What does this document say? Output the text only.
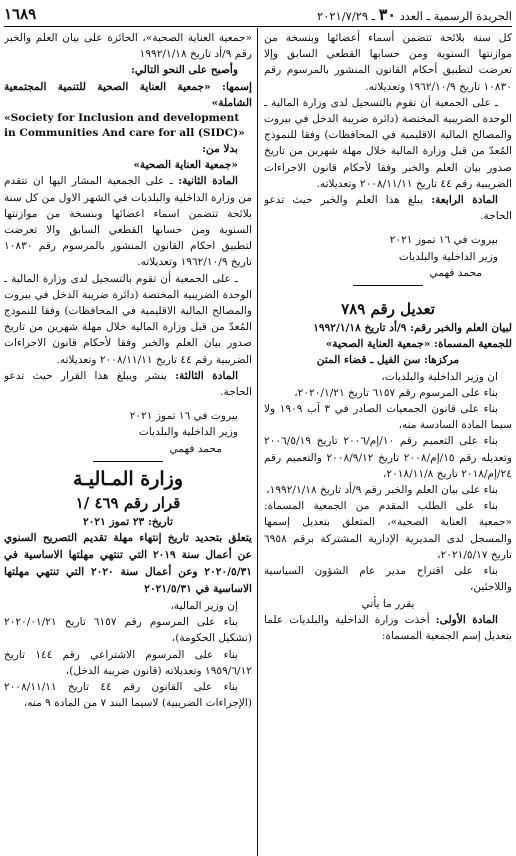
الجريدة الرسمية ـ العدد ٣٠ ـ ٢٠٢١/٧/٢٩
١٦٨٩

كل سنة بلائحة تتضمن أسماء أعضائها وبنسخة من موازنتها السنوية ومن حسابها القطعي السابق وإلا تعرضت لتطبيق أحكام القانون المنشور بالمرسوم رقم ١٠٨٣٠ تاريخ ١٩٦٢/١٠/٩ وتعديلاته.

ـ على الجمعية أن تقوم بالتسجيل لدى وزارة المالية ـ الوحدة الضريبية المختصة (دائرة ضريبة الدخل في بيروت والمصالح المالية الاقليمية في المحافظات) وفقا للنموذج المُعدّ من قبل وزارة المالية خلال مهلة شهرين من تاريخ صدور بيان العلم والخبر وفقا لأحكام قانون الاجراءات الضريبية رقم ٤٤ تاريخ ٢٠٠٨/١١/١١ وتعديلاته.

المادة الرابعة: يبلغ هذا العلم والخبر حيث تدعو الحاجة.

بيروت في ١٦ تموز ٢٠٢١

وزير الداخلية والبلديات

محمد فهمي

تعديل رقم ٧٨٩

لبيان العلم والخبر رقم: ٩/أد تاريخ ١٩٩٢/١/١٨

للجمعية المسماة: «جمعية العناية الصحية»

مركزها: سن الفيل ـ قضاء المتن

ان وزير الداخلية والبلديات،

بناء على المرسوم رقم ٦١٥٧ تاريخ ٢٠٢٠/١/٢١،

بناء على قانون الجمعيات الصادر في ٣ آب ١٩٠٩ ولا سيما المادة السادسة منه،

بناء على التعميم رقم ١٠/إم/٢٠٠٦ تاريخ ٢٠٠٦/٥/١٩ وتعديله رقم ١٥/إم/٢٠٠٨ تاريخ ٢٠٠٨/٩/١٢ والتعميم رقم ٢٤/إم/٢٠١٨ تاريخ ٢٠١٨/١١/٨،

بناء على بيان العلم والخبر رقم ٩/أد تاريخ ١٩٩٢/١/١٨،

بناء على الطلب المقدم من الجمعية المسماة: «جمعية العناية الصحية»، المتعلق بتعديل إسمها والمسجل لدى المديرية الإدارية المشتركة برقم ٦٩٥٨ تاريخ ٢٠٢١/٥/١٧،

بناء على اقتراح مدير عام الشؤون السياسية واللاجئين،

يقرر ما يأتي

المادة الأولى: أخذت وزارة الداخلية والبلديات علما بتعديل إسم الجمعية المسماة:

«جمعية العناية الصحية»، الحائزة على بيان العلم والخبر رقم ٩/أد تاريخ ١٩٩٢/١/١٨

وأصبح على النحو التالي:

إسمها: «جمعية العناية الصحية للتنمية المجتمعية الشاملة»

«Society for Inclusion and development in Communities And care for all (SIDC)»

بدلا من:

«جمعية العناية الصحية»

المادة الثانية: ـ على الجمعية المشار اليها ان تتقدم من وزارة الداخلية والبلديات في الشهر الاول من كل سنة بلائحة تتضمن اسماء اعضائها وبنسخة من موازنتها السنوية ومن حسابها القطعي السابق والا تعرضت لتطبيق احكام القانون المنشور بالمرسوم رقم ١٠٨٣٠ تاريخ ١٩٦٢/١٠/٩ وتعديلاته.

ـ على الجمعية أن تقوم بالتسجيل لدى وزارة المالية ـ الوحدة الضريبية المختصة (دائرة ضريبة الدخل في بيروت والمصالح المالية الاقليمية في المحافظات) وفقا للنموذج المُعدّ من قبل وزارة المالية خلال مهلة شهرين من تاريخ صدور بيان العلم والخبر وفقا لأحكام قانون الاجراءات الضريبية رقم ٤٤ تاريخ ٢٠٠٨/١١/١١ وتعديلاته.

المادة الثالثة: ينشر ويبلغ هذا القرار حيث تدعو الحاجة.

بيروت في ١٦ تموز ٢٠٢١

وزير الداخلية والبلديات

محمد فهمي

وزارة المـاليـة

قرار رقم ٤٦٩ /١

تاريخ: ٢٣ تموز ٢٠٢١

يتعلق بتحديد تاريخ إنتهاء مهلة تقديم التصريح السنوي عن أعمال سنة ٢٠١٩ التي تنتهي مهلتها الاساسية في ٢٠٢٠/٥/٣١ وعن أعمال سنة ٢٠٢٠ التي تنتهي مهلتها الاساسية في ٢٠٢١/٥/٣١

إن وزير المالية،

بناء على المرسوم رقم ٦١٥٧ تاريخ ٢٠٢٠/٠١/٢١ (تشكيل الحكومة)،

بناء على المرسوم الاشتراعي رقم ١٤٤ تاريخ ١٩٥٩/٦/١٢ وتعديلاته (قانون ضريبة الدخل)،

بناء على القانون رقم ٤٤ تاريخ ٢٠٠٨/١١/١١ (الإجراءات الضريبية) لاسيما البند ٧ من المادة ٩ منه،
